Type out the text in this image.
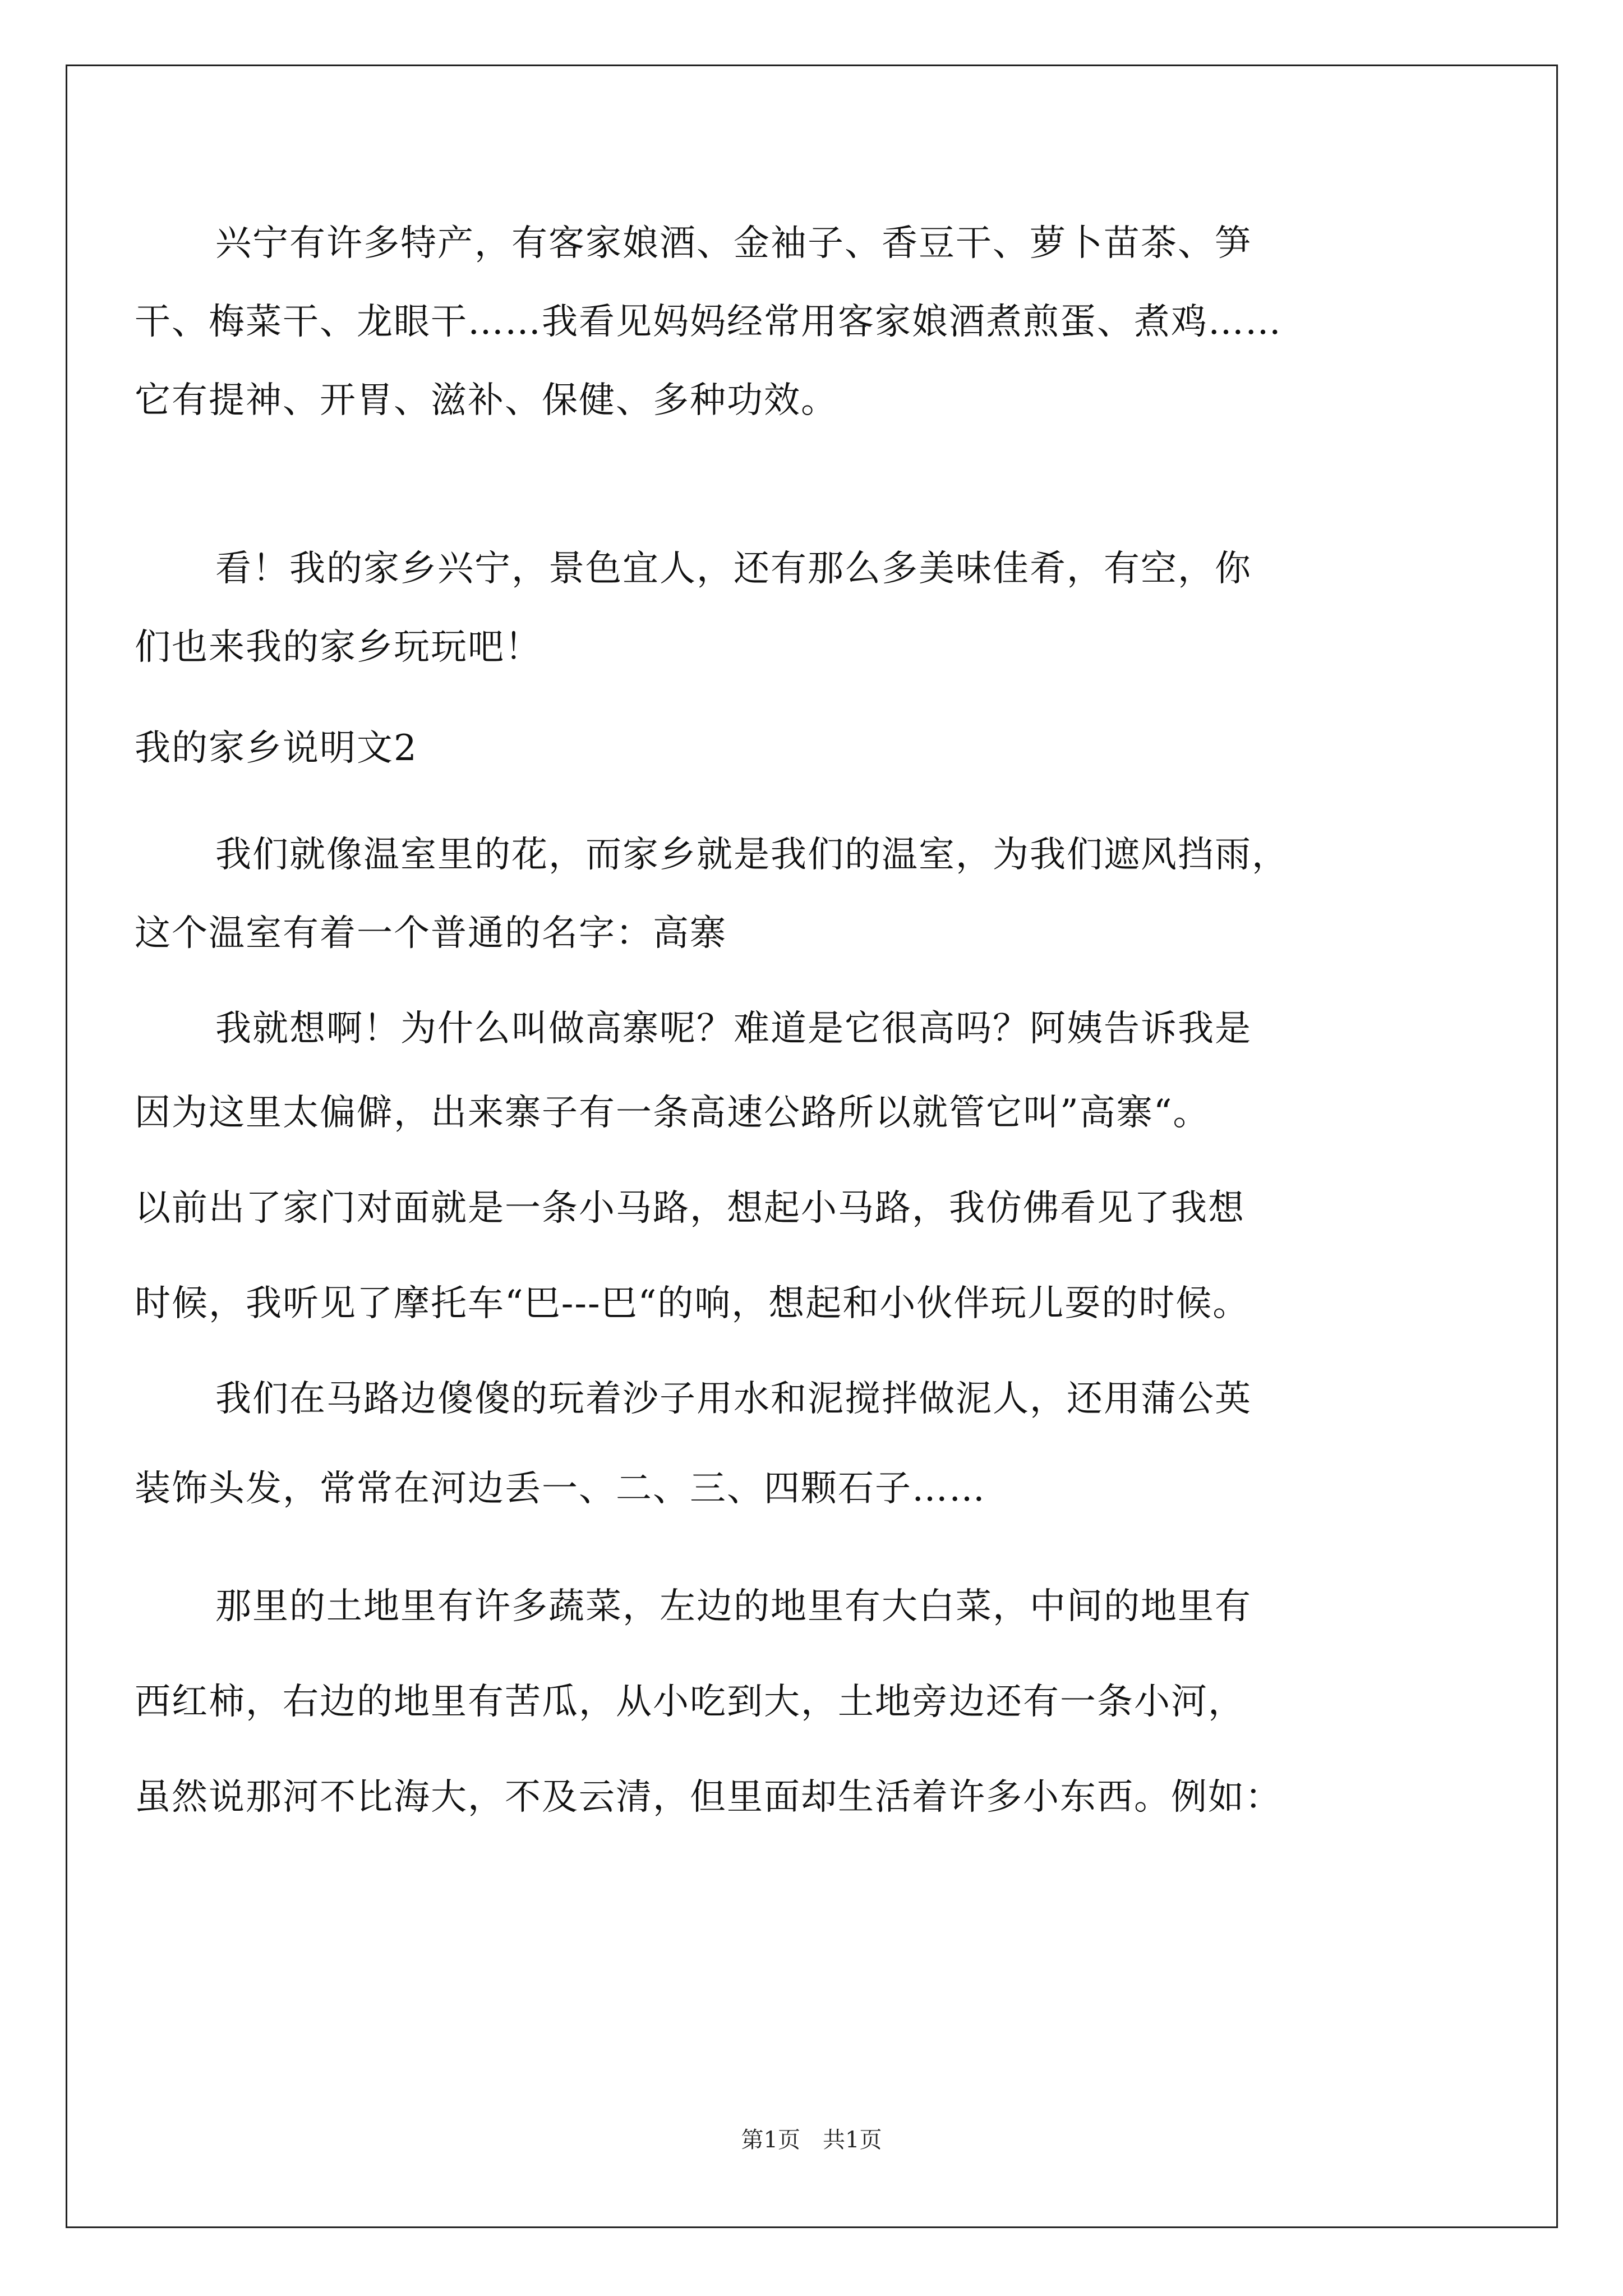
兴宁有许多特产，有客家娘酒、金袖子、香豆干、萝卜苗茶、笋
干、梅菜干、龙眼干……我看见妈妈经常用客家娘酒煮煎蛋、煮鸡……
它有提神、开胃、滋补、保健、多种功效。
看！我的家乡兴宁，景色宜人，还有那么多美味佳肴，有空，你
们也来我的家乡玩玩吧！
我的家乡说明文2
我们就像温室里的花，而家乡就是我们的温室，为我们遮风挡雨，
这个温室有着一个普通的名字：高寨
我就想啊！为什么叫做高寨呢？难道是它很高吗？阿姨告诉我是
因为这里太偏僻，出来寨子有一条高速公路所以就管它叫”高寨“。
以前出了家门对面就是一条小马路，想起小马路，我仿佛看见了我想
时候，我听见了摩托车“巴---巴“的响，想起和小伙伴玩儿耍的时候。
我们在马路边傻傻的玩着沙子用水和泥搅拌做泥人，还用蒲公英
装饰头发，常常在河边丢一、二、三、四颗石子……
那里的土地里有许多蔬菜，左边的地里有大白菜，中间的地里有
西红柿，右边的地里有苦瓜，从小吃到大，土地旁边还有一条小河，
虽然说那河不比海大，不及云清，但里面却生活着许多小东西。例如：
第1页　共1页
